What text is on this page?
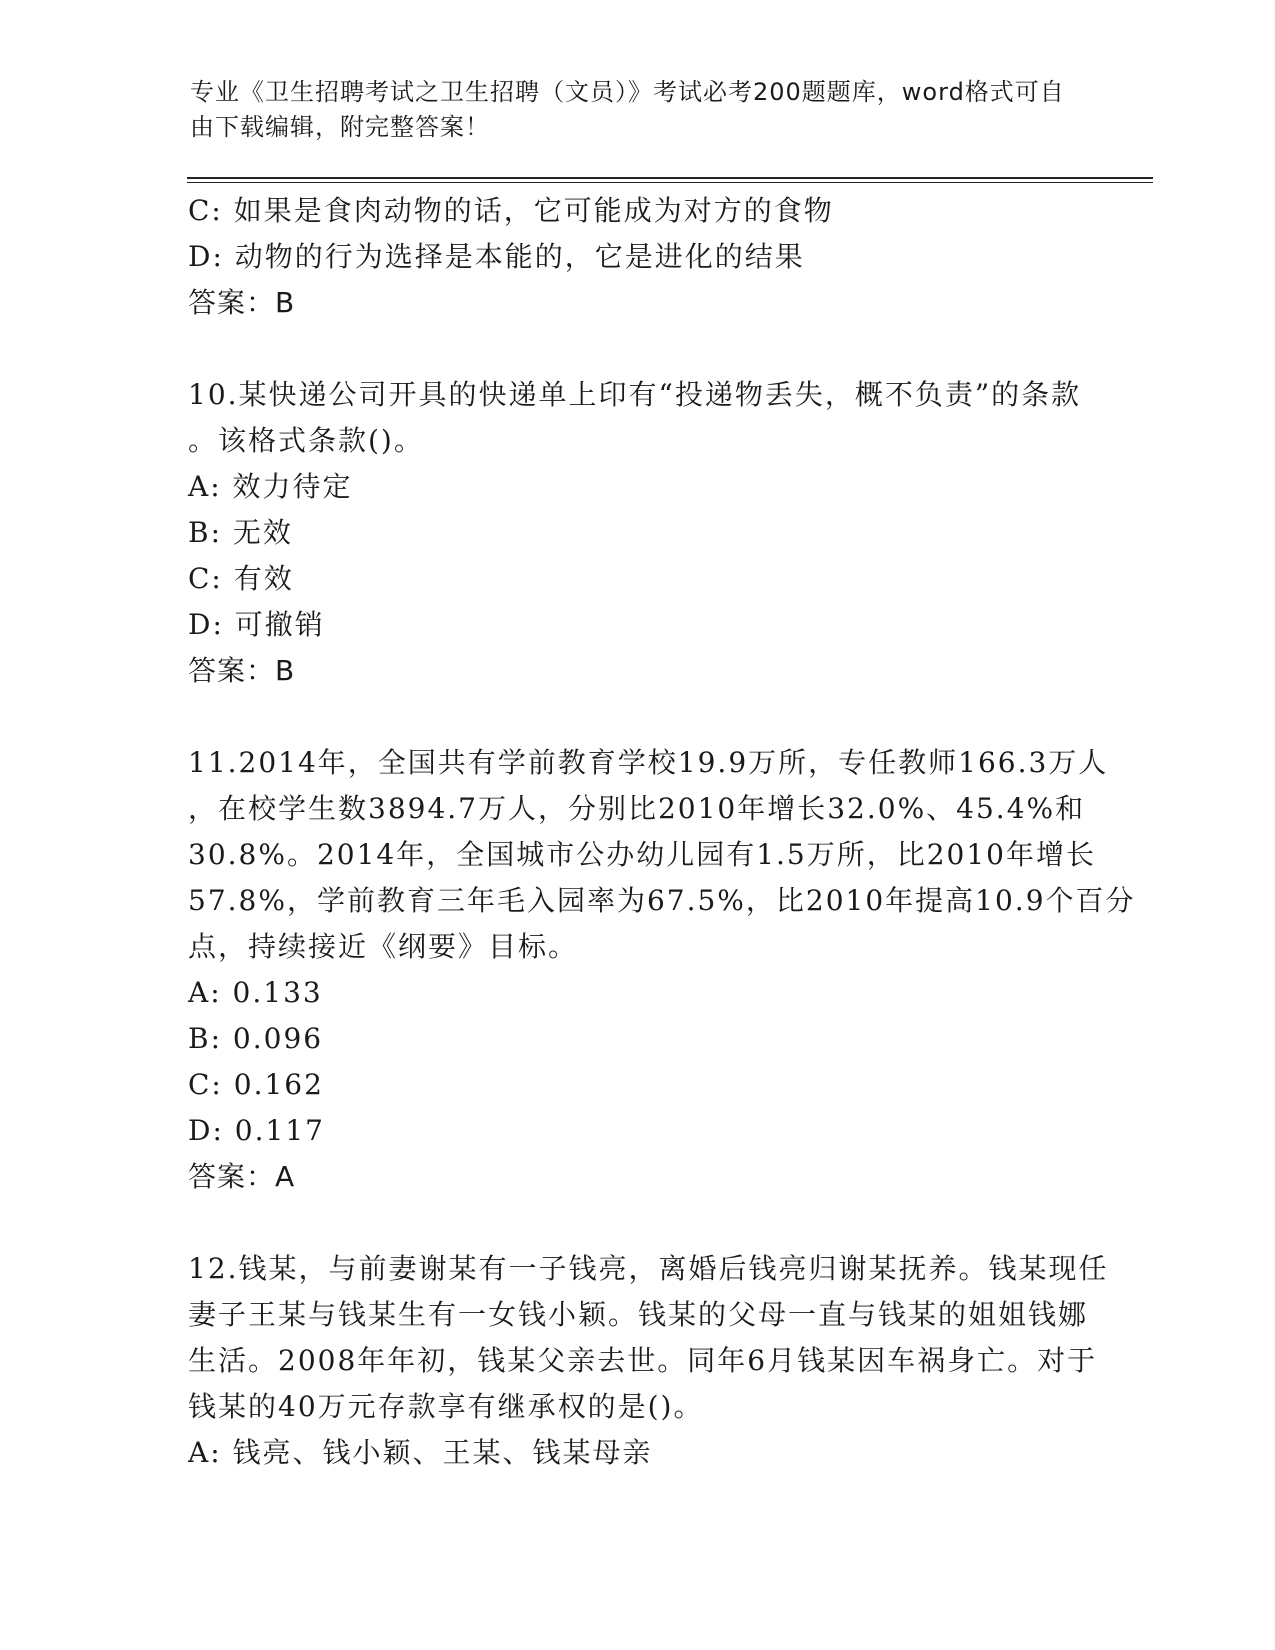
专业《卫生招聘考试之卫生招聘（文员）》考试必考200题题库，word格式可自
由下载编辑，附完整答案！
C: 如果是食肉动物的话，它可能成为对方的食物
D: 动物的行为选择是本能的，它是进化的结果
答案：B
10.某快递公司开具的快递单上印有“投递物丢失，概不负责”的条款
。该格式条款()。
A: 效力待定
B: 无效
C: 有效
D: 可撤销
答案：B
11.2014年，全国共有学前教育学校19.9万所，专任教师166.3万人
，在校学生数3894.7万人，分别比2010年增长32.0%、45.4%和
30.8%。2014年，全国城市公办幼儿园有1.5万所，比2010年增长
57.8%，学前教育三年毛入园率为67.5%，比2010年提高10.9个百分
点，持续接近《纲要》目标。
A: 0.133
B: 0.096
C: 0.162
D: 0.117
答案：A
12.钱某，与前妻谢某有一子钱亮，离婚后钱亮归谢某抚养。钱某现任
妻子王某与钱某生有一女钱小颖。钱某的父母一直与钱某的姐姐钱娜
生活。2008年年初，钱某父亲去世。同年6月钱某因车祸身亡。对于
钱某的40万元存款享有继承权的是()。
A: 钱亮、钱小颖、王某、钱某母亲
